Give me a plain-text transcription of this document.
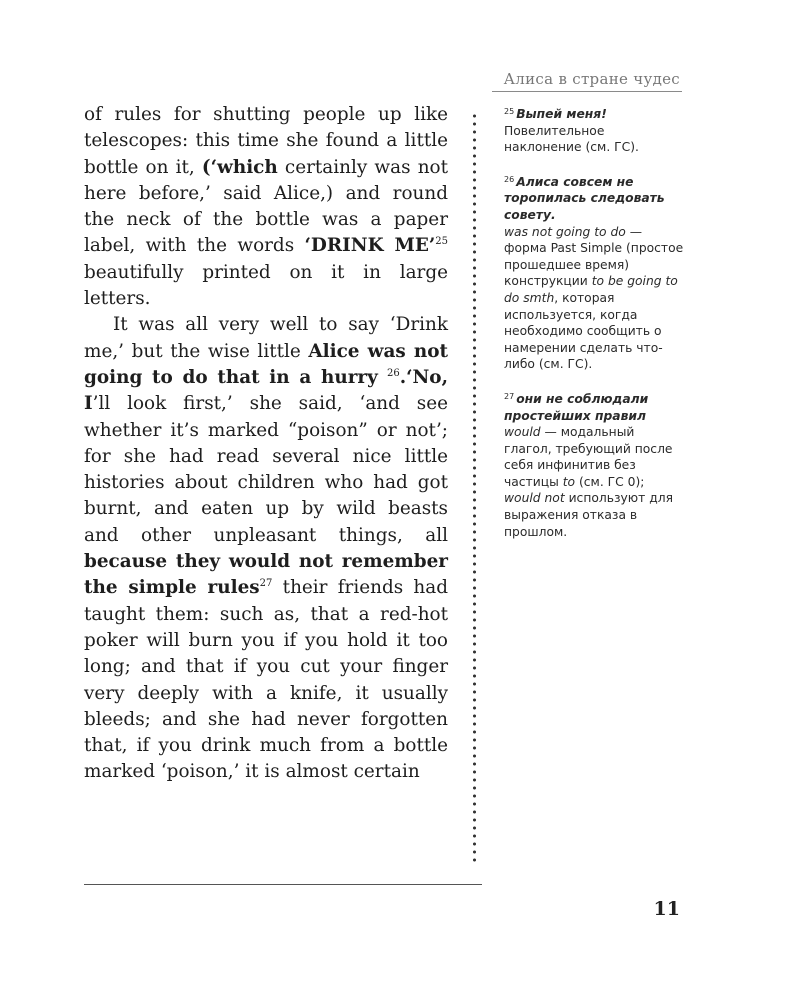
Алиса в стране чудес

of rules for shutting people up like telescopes: this time she found a little bottle on it, (‘which certainly was not here before,’ said Alice,) and round the neck of the bottle was a paper label, with the words ‘DRINK ME’$^{25}$ beautifully printed on it in large letters.

It was all very well to say ‘Drink me,’ but the wise little Alice was not going to do that in a hurry $^{26}$.‘No, I’ll look first,’ she said, ‘and see whether it’s marked “poison” or not’; for she had read several nice little histories about children who had got burnt, and eaten up by wild beasts and other unpleasant things, all because they would not remember the simple rules$^{27}$ their friends had taught them: such as, that a red-hot poker will burn you if you hold it too long; and that if you cut your finger very deeply with a knife, it usually bleeds; and she had never forgotten that, if you drink much from a bottle marked ‘poison,’ it is almost certain

$^{25}$ Выпей меня!
Повелительное наклонение (см. ГС).

$^{26}$ Алиса совсем не торопилась следовать совету.
was not going to do — форма Past Simple (простое прошедшее время) конструкции to be going to do smth, которая используется, когда необходимо сообщить о намерении сделать что-либо (см. ГС).

$^{27}$ они не соблюдали простейших правил
would — модальный глагол, требующий после себя инфинитив без частицы to (см. ГС 0); would not используют для выражения отказа в прошлом.

11
